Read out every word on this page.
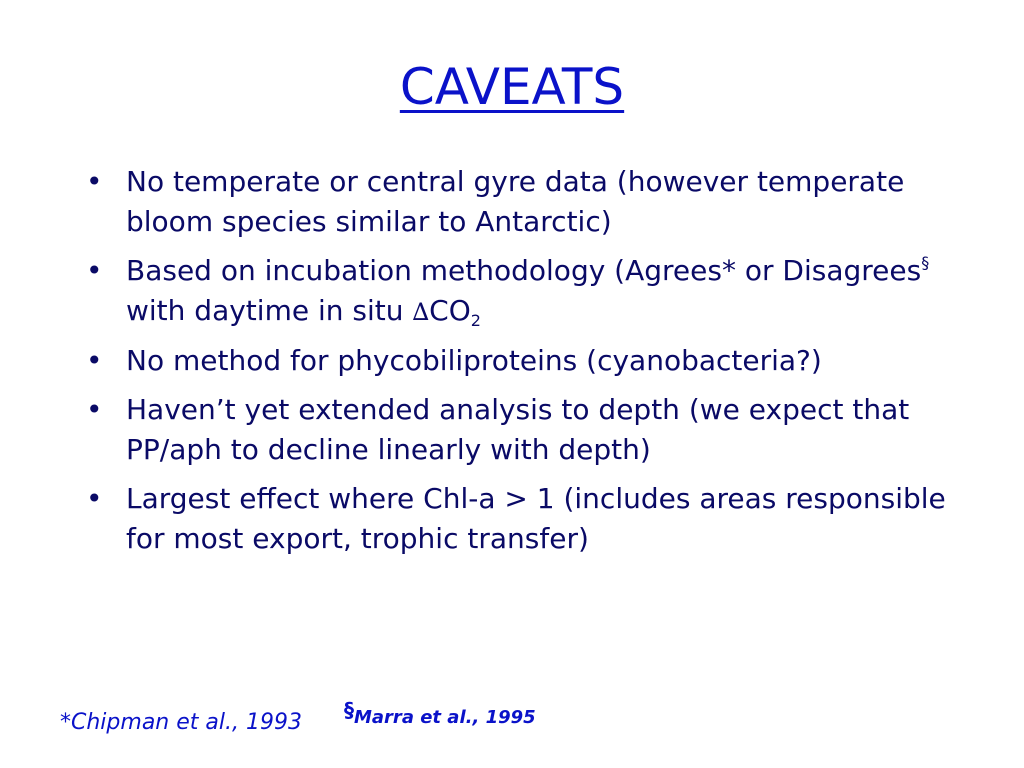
CAVEATS
• No temperate or central gyre data (however temperate bloom species similar to Antarctic)
• Based on incubation methodology (Agrees* or Disagrees§ with daytime in situ $\Delta CO_2$
• No method for phycobiliproteins (cyanobacteria?)
• Haven’t yet extended analysis to depth (we expect that PP/aph to decline linearly with depth)
• Largest effect where Chl-a > 1 (includes areas responsible for most export, trophic transfer)
*Chipman et al., 1993 §Marra et al., 1995
